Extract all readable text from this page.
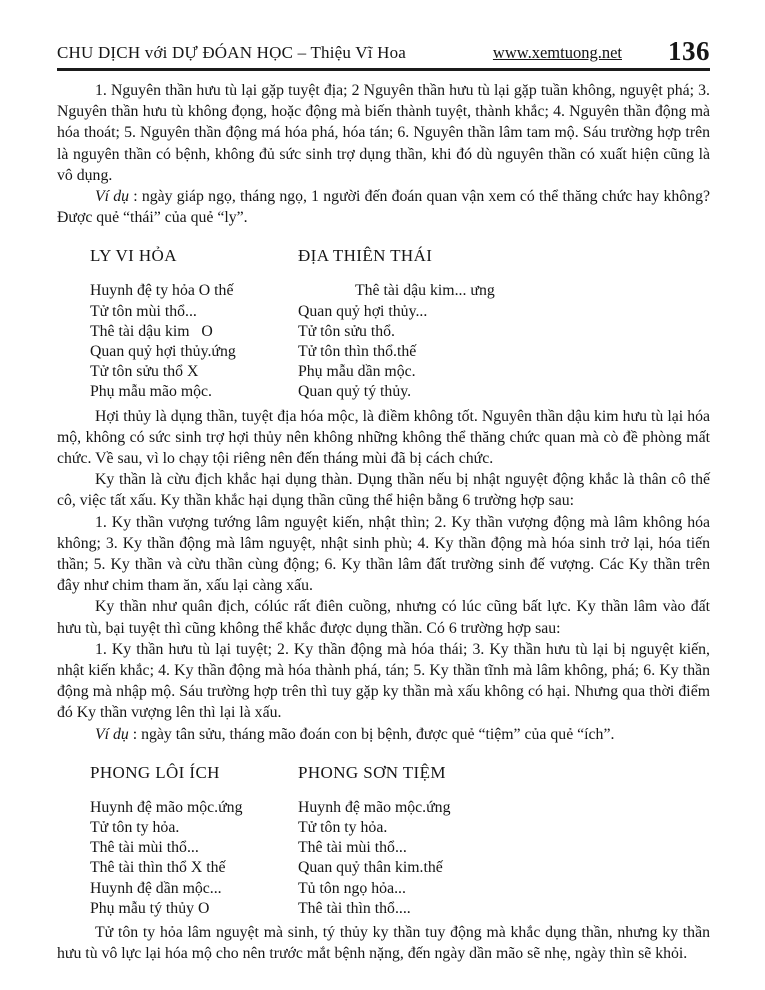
CHU DỊCH với DỰ ĐÓAN HỌC – Thiệu Vĩ Hoa	www.xemtuong.net 136

1. Nguyên thần hưu tù lại gặp tuyệt địa; 2 Nguyên thần hưu tù lại gặp tuần không, nguyệt phá; 3. Nguyên thần hưu tù không đọng, hoặc động mà biến thành tuyệt, thành khắc; 4. Nguyên thần động mà hóa thoát; 5. Nguyên thần động má hóa phá, hóa tán; 6. Nguyên thần lâm tam mộ. Sáu trường hợp trên là nguyên thần có bệnh, không đủ sức sinh trợ dụng thần, khi đó dù nguyên thần có xuất hiện cũng là vô dụng.

Ví dụ : ngày giáp ngọ, tháng ngọ, 1 người đến đoán quan vận xem có thể thăng chức hay không? Được quẻ “thái” của quẻ “ly”.

LY VI HỎA
Huynh đệ ty hỏa O thế
Tử tôn mùi thổ...
Thê tài dậu kim   O
Quan quỷ hợi thủy.ứng
Tử tôn sửu thổ X
Phụ mẫu mão mộc.
ĐỊA THIÊN THÁI
Thê tài dậu kim... ưng
Quan quỷ hợi thủy...
Tử tôn sửu thổ.
Tử tôn thìn thổ.thế
Phụ mẫu dần mộc.
Quan quỷ tý thủy.

Hợi thủy là dụng thần, tuyệt địa hóa mộc, là điềm không tốt. Nguyên thần dậu kim hưu tù lại hóa mộ, không có sức sinh trợ hợi thủy nên không những không thể thăng chức quan mà cò đề phòng mất chức. Về sau, vì lo chạy tội riêng nên đến tháng mùi đã bị cách chức.

Ky thần là cừu địch khắc hại dụng thàn. Dụng thần nếu bị nhật nguyệt động khắc là thân cô thế cô, việc tất xấu. Ky thần khắc hại dụng thần cũng thể hiện bằng 6 trường hợp sau:

1. Ky thần vượng tướng lâm nguyệt kiến, nhật thìn; 2. Ky thần vượng động mà lâm không hóa không; 3. Ky thần động mà lâm nguyệt, nhật sinh phù; 4. Ky thần động mà hóa sinh trở lại, hóa tiến thần; 5. Ky thần và cừu thần cùng động; 6. Ky thần lâm đất trường sinh đế vượng. Các Ky thần trên đây như chim tham ăn, xấu lại càng xấu.

Ky thần như quân địch, cólúc rất điên cuồng, nhưng có lúc cũng bất lực. Ky thần lâm vào đất hưu tù, bại tuyệt thì cũng không thể khắc được dụng thần. Có 6 trường hợp sau:

1. Ky thần hưu tù lại tuyệt; 2. Ky thần động mà hóa thái; 3. Ky thần hưu tù lại bị nguyệt kiến, nhật kiến khắc; 4. Ky thần động mà hóa thành phá, tán; 5. Ky thần tĩnh mà lâm không, phá; 6. Ky thần động mà nhập mộ. Sáu trường hợp trên thì tuy gặp ky thần mà xấu không có hại. Nhưng qua thời điểm đó Ky thần vượng lên thì lại là xấu.

Ví dụ : ngày tân sửu, tháng mão đoán con bị bệnh, được quẻ “tiệm” của quẻ “ích”.

PHONG LÔI ÍCH
Huynh đệ mão mộc.ứng
Tử tôn ty hỏa.
Thê tài mùi thổ...
Thê tài thìn thổ X thế
Huynh đệ dần mộc...
Phụ mẫu tý thủy O
PHONG SƠN TIỆM
Huynh đệ mão mộc.ứng
Tử tôn ty hỏa.
Thê tài mùi thổ...
Quan quỷ thân kim.thế
Tủ tôn ngọ hỏa...
Thê tài thìn thổ....

Tử tôn ty hỏa lâm nguyệt mà sinh, tý thủy ky thần tuy động mà khắc dụng thần, nhưng ky thần hưu tù vô lực lại hóa mộ cho nên trước mắt bệnh nặng, đến ngày dần mão sẽ nhẹ, ngày thìn sẽ khỏi.
